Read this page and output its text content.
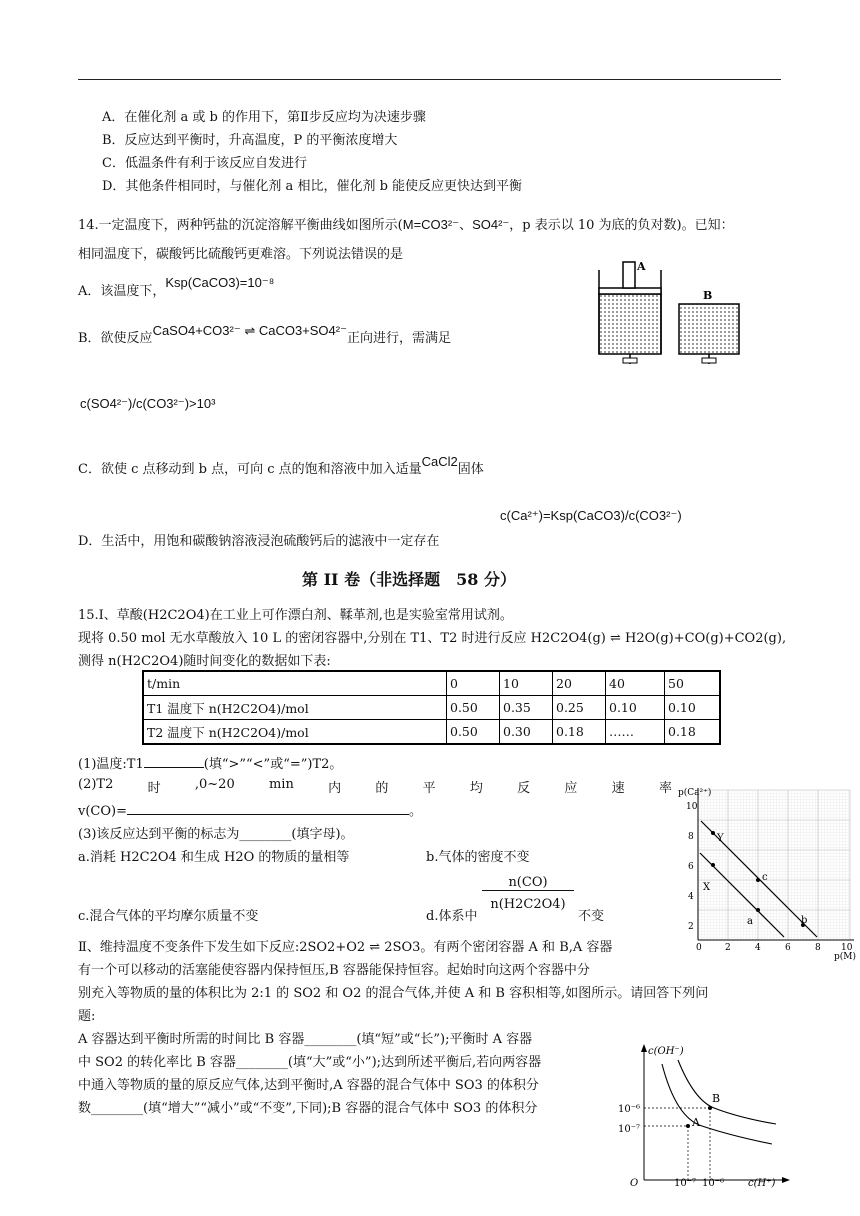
A．在催化剂 a 或 b 的作用下，第Ⅱ步反应均为决速步骤
B．反应达到平衡时，升高温度，P 的平衡浓度增大
C．低温条件有利于该反应自发进行
D．其他条件相同时，与催化剂 a 相比，催化剂 b 能使反应更快达到平衡
14.一定温度下，两种钙盐的沉淀溶解平衡曲线如图所示(M=CO3²⁻、SO4²⁻，p 表示以 10 为底的负对数)。已知：
相同温度下，碳酸钙比硫酸钙更难溶。下列说法错误的是
A．该温度下，Ksp(CaCO3)=10⁻⁸
B．欲使反应CaSO4+CO3²⁻ ⇌ CaCO3+SO4²⁻正向进行，需满足
c(SO4²⁻)/c(CO3²⁻)>10³
C．欲使 c 点移动到 b 点，可向 c 点的饱和溶液中加入适量CaCl2固体
D．生活中，用饱和碳酸钠溶液浸泡硫酸钙后的滤液中一定存在
c(Ca²⁺)=Ksp(CaCO3)/c(CO3²⁻)
A
B
第 II 卷（非选择题　58 分）
15.Ⅰ、草酸(H2C2O4)在工业上可作漂白剂、鞣革剂,也是实验室常用试剂。
现将 0.50 mol 无水草酸放入 10 L 的密闭容器中,分别在 T1、T2 时进行反应 H2C2O4(g) ⇌ H2O(g)+CO(g)+CO2(g),
测得 n(H2C2O4)随时间变化的数据如下表:
t/min	0	10	20	40	50
T1 温度下 n(H2C2O4)/mol	0.50	0.35	0.25	0.10	0.10
T2 温度下 n(H2C2O4)/mol	0.50	0.30	0.18	……	0.18
(1)温度:T1	(填“>”“<”或“=”)T2。
(2)T2	时	,0~20	min	内	的	平	均	反	应	速	率
v(CO)=	。
(3)该反应达到平衡的标志为________(填字母)。
a.消耗 H2C2O4 和生成 H2O 的物质的量相等	b.气体的密度不变
c.混合气体的平均摩尔质量不变	d.体系中
n(CO)
n(H2C2O4)
不变
Ⅱ、维持温度不变条件下发生如下反应:2SO2+O2 ⇌ 2SO3。有两个密闭容器 A 和 B,A 容器
有一个可以移动的活塞能使容器内保持恒压,B 容器能保持恒容。起始时向这两个容器中分
别充入等物质的量的体积比为 2:1 的 SO2 和 O2 的混合气体,并使 A 和 B 容积相等,如图所示。请回答下列问
题:
A 容器达到平衡时所需的时间比 B 容器________(填“短”或“长”);平衡时 A 容器
中 SO2 的转化率比 B 容器________(填“大”或“小”);达到所述平衡后,若向两容器
中通入等物质的量的原反应气体,达到平衡时,A 容器的混合气体中 SO3 的体积分
数________(填“增大”“减小”或“不变”,下同);B 容器的混合气体中 SO3 的体积分
Y
X
c
a	b
p(Ca²⁺)
10
8
6
4
2
0	2	4	6	8 10
p(M)
A
B
c(OH⁻)
10⁻⁶
10⁻⁷
O	10⁻⁷ 10⁻⁶ c(H⁺)
